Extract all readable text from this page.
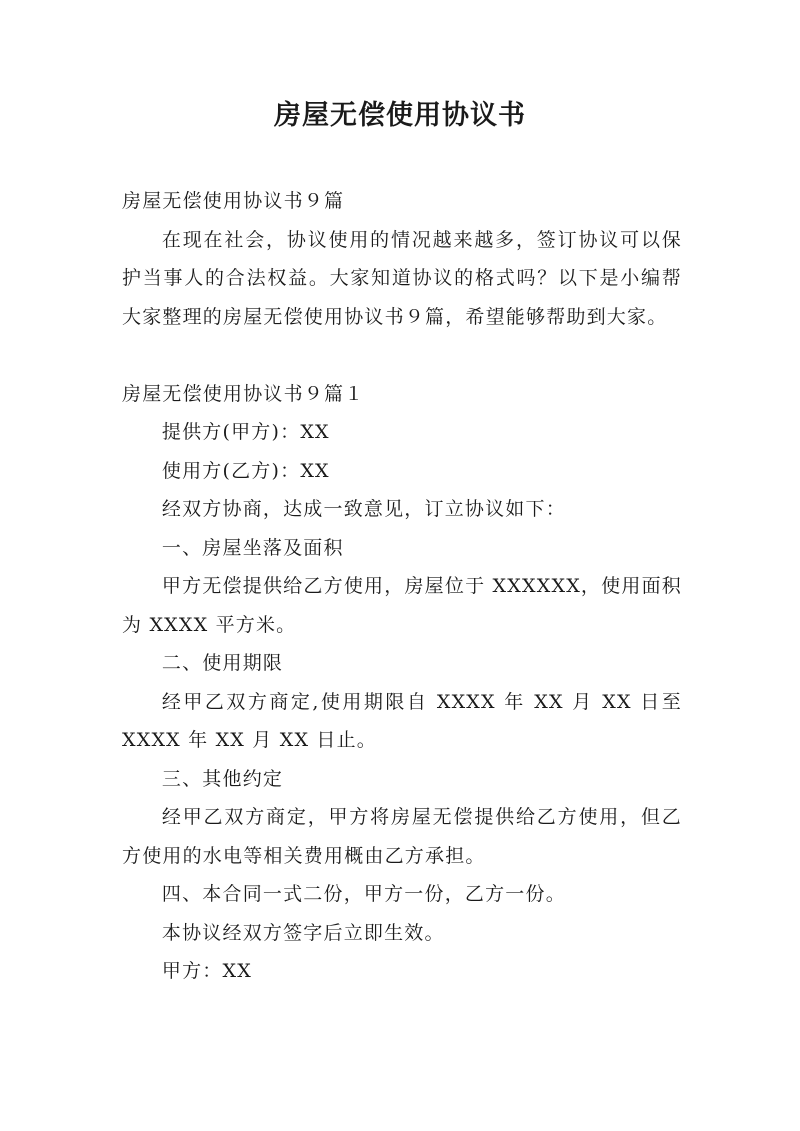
房屋无偿使用协议书

房屋无偿使用协议书９篇

在现在社会，协议使用的情况越来越多，签订协议可以保护当事人的合法权益。大家知道协议的格式吗？以下是小编帮大家整理的房屋无偿使用协议书９篇，希望能够帮助到大家。

房屋无偿使用协议书９篇１

提供方(甲方)：XX

使用方(乙方)：XX

经双方协商，达成一致意见，订立协议如下：

一、房屋坐落及面积

甲方无偿提供给乙方使用，房屋位于 XXXXXX，使用面积为 XXXX 平方米。

二、使用期限

经甲乙双方商定,使用期限自 XXXX 年 XX 月 XX 日至 XXXX 年 XX 月 XX 日止。

三、其他约定

经甲乙双方商定，甲方将房屋无偿提供给乙方使用，但乙方使用的水电等相关费用概由乙方承担。

四、本合同一式二份，甲方一份，乙方一份。

本协议经双方签字后立即生效。

甲方：XX
